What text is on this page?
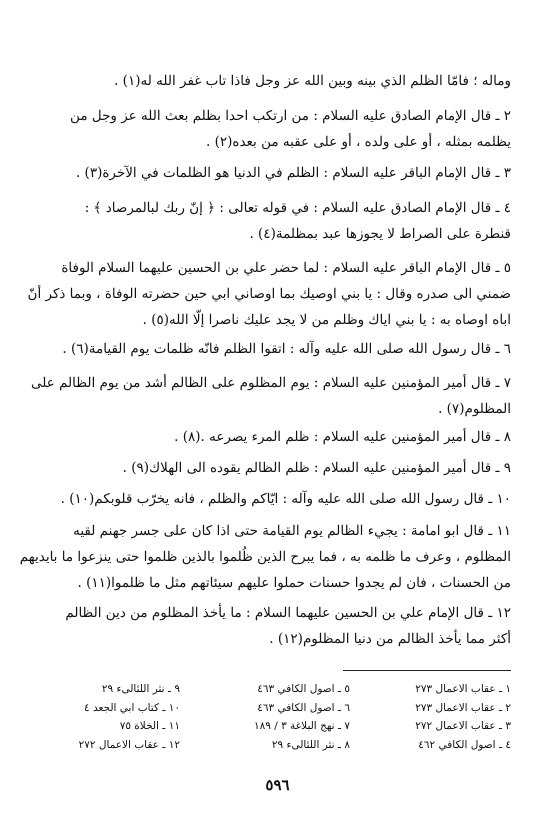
وماله ؛ فامّا الظلم الذي بينه وبين الله عز وجل فاذا تاب غفر الله له(١) .
٢ ـ قال الإمام الصادق عليه السلام : من ارتكب احدا بظلم بعث الله عز وجل من
يظلمه بمثله ، أو على ولده ، أو على عقبه من بعده(٢) .
٣ ـ قال الإمام الباقر عليه السلام : الظلم في الدنيا هو الظلمات في الآخرة(٣) .
٤ ـ قال الإمام الصادق عليه السلام : في قوله تعالى : ﴿ إنّ ربك لبالمرصاد ﴾ :
قنطرة على الصراط لا يجوزها عبد بمظلمة(٤) .
٥ ـ قال الإمام الباقر عليه السلام : لما حضر علي بن الحسين عليهما السلام الوفاة
ضمني الى صدره وقال : يا بني اوصيك بما اوصاني ابي حين حضرته الوفاة ، وبما ذكر أنّ
اباه اوصاه به : يا بني اياك وظلم من لا يجد عليك ناصرا إلّا الله(٥) .
٦ ـ قال رسول الله صلى الله عليه وآله : اتقوا الظلم فانّه ظلمات يوم القيامة(٦) .
٧ ـ قال أمير المؤمنين عليه السلام : يوم المظلوم على الظالم أشد من يوم الظالم على
المظلوم(٧) .
٨ ـ قال أمير المؤمنين عليه السلام : ظلم المرء يصرعه .(٨) .
٩ ـ قال أمير المؤمنين عليه السلام : ظلم الظالم يقوده الى الهلاك(٩) .
١٠ ـ قال رسول الله صلى الله عليه وآله : ايّاكم والظلم ، فانه يخرّب قلوبكم(١٠) .
١١ ـ قال ابو امامة : يجيء الظالم يوم القيامة حتى اذا كان على جسر جهنم لقيه
المظلوم ، وعرف ما ظلمه به ، فما يبرح الذين ظُلموا بالذين ظلموا حتى ينزعوا ما بايديهم
من الحسنات ، فان لم يجدوا حسنات حملوا عليهم سيئاتهم مثل ما ظلموا(١١) .
١٢ ـ قال الإمام علي بن الحسين عليهما السلام : ما يأخذ المظلوم من دين الظالم
أكثر مما يأخذ الظالم من دنيا المظلوم(١٢) .
١ ـ عقاب الاعمال ٢٧٣
٢ ـ عقاب الاعمال ٢٧٣
٣ ـ عقاب الاعمال ٢٧٢
٤ ـ اصول الكافي ٤٦٢
٥ ـ اصول الكافي ٤٦٣
٦ ـ اصول الكافي ٤٦٣
٧ ـ نهج البلاغة ٣ / ١٨٩
٨ ـ نثر اللئالىء ٢٩
٩ ـ نثر اللئالىء ٢٩
١٠ ـ كتاب ابي الجعد ٤
١١ ـ الخلاة ٧٥
١٢ ـ عقاب الاعمال ٢٧٢
٥٩٦
